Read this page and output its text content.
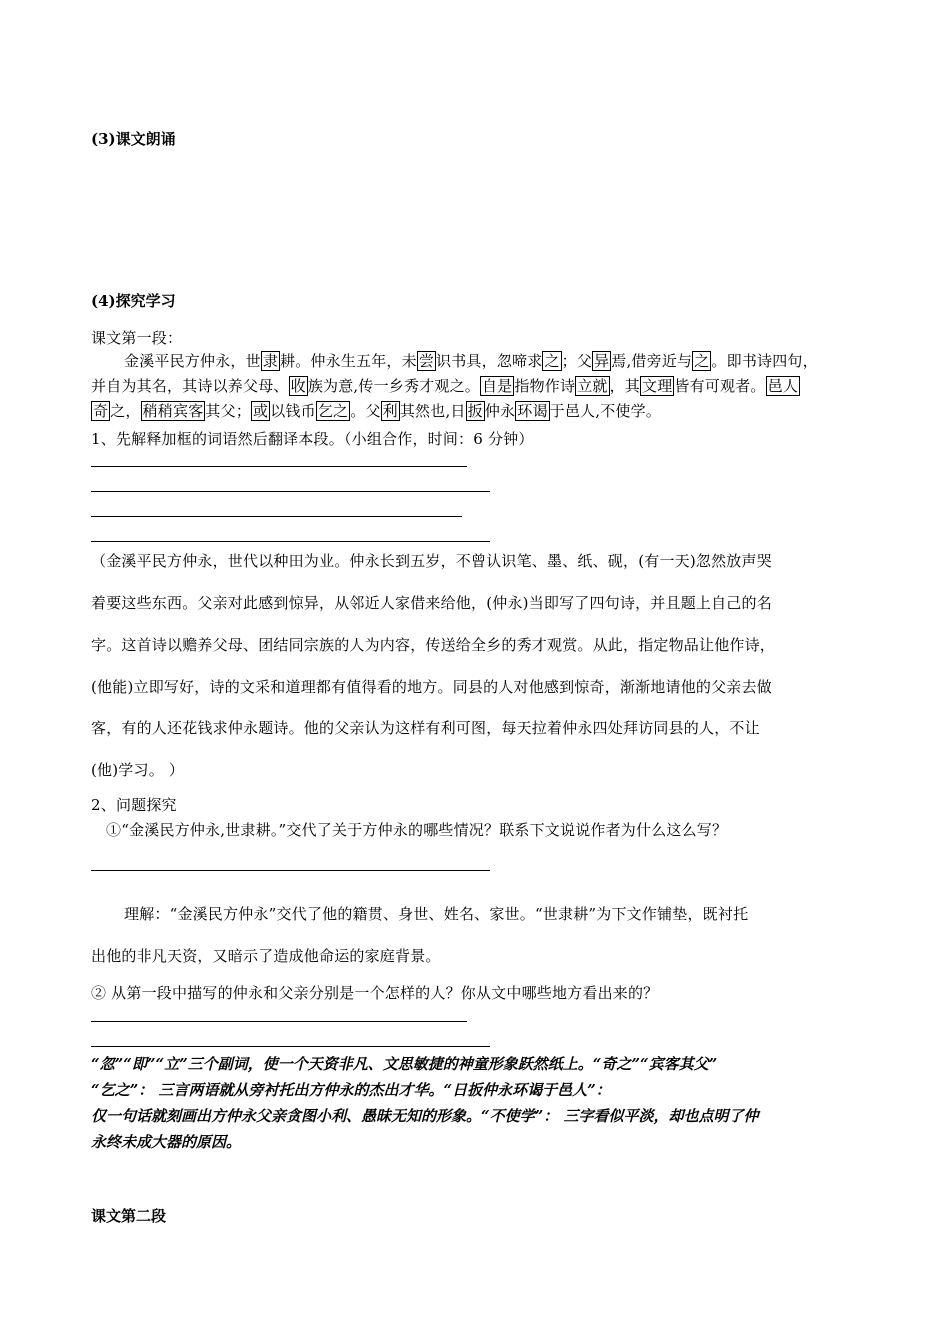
(3)课文朗诵
(4)探究学习
课文第一段：
金溪平民方仲永，世 隶 耕。仲永生五年，未 尝 识书具，忽啼求 之 ；父 异 焉,借旁近与 之 。即书诗四句，
并自为其名，其诗以养父母、 收 族为意,传一乡秀才观之。 自是 指物作诗 立就 ，其 文理 皆有可观者。 邑人
奇 之， 稍稍宾客 其父； 或 以钱币 乞之 。父 利 其然也,日 扳 仲永 环谒 于邑人,不使学。
1、先解释加框的词语然后翻译本段。（小组合作，时间：6 分钟）
（金溪平民方仲永，世代以种田为业。仲永长到五岁，不曾认识笔、墨、纸、砚，(有一天)忽然放声哭
着要这些东西。父亲对此感到惊异，从邻近人家借来给他，(仲永)当即写了四句诗，并且题上自己的名
字。这首诗以赡养父母、团结同宗族的人为内容，传送给全乡的秀才观赏。从此，指定物品让他作诗，
(他能)立即写好，诗的文采和道理都有值得看的地方。同县的人对他感到惊奇，渐渐地请他的父亲去做
客，有的人还花钱求仲永题诗。他的父亲认为这样有利可图，每天拉着仲永四处拜访同县的人，不让
(他)学习。 ）
2、问题探究
①“金溪民方仲永,世隶耕。”交代了关于方仲永的哪些情况？联系下文说说作者为什么这么写？
理解：“金溪民方仲永”交代了他的籍贯、身世、姓名、家世。“世隶耕”为下文作铺垫，既衬托
出他的非凡天资，又暗示了造成他命运的家庭背景。
② 从第一段中描写的仲永和父亲分别是一个怎样的人？你从文中哪些地方看出来的？
“忽”“即”“立”三个副词，使一个天资非凡、文思敏捷的神童形象跃然纸上。“奇之”“宾客其父”
“乞之”： 三言两语就从旁衬托出方仲永的杰出才华。“日扳仲永环谒于邑人”：
仅一句话就刻画出方仲永父亲贪图小利、愚昧无知的形象。“不使学”： 三字看似平淡，却也点明了仲
永终未成大器的原因。
课文第二段
